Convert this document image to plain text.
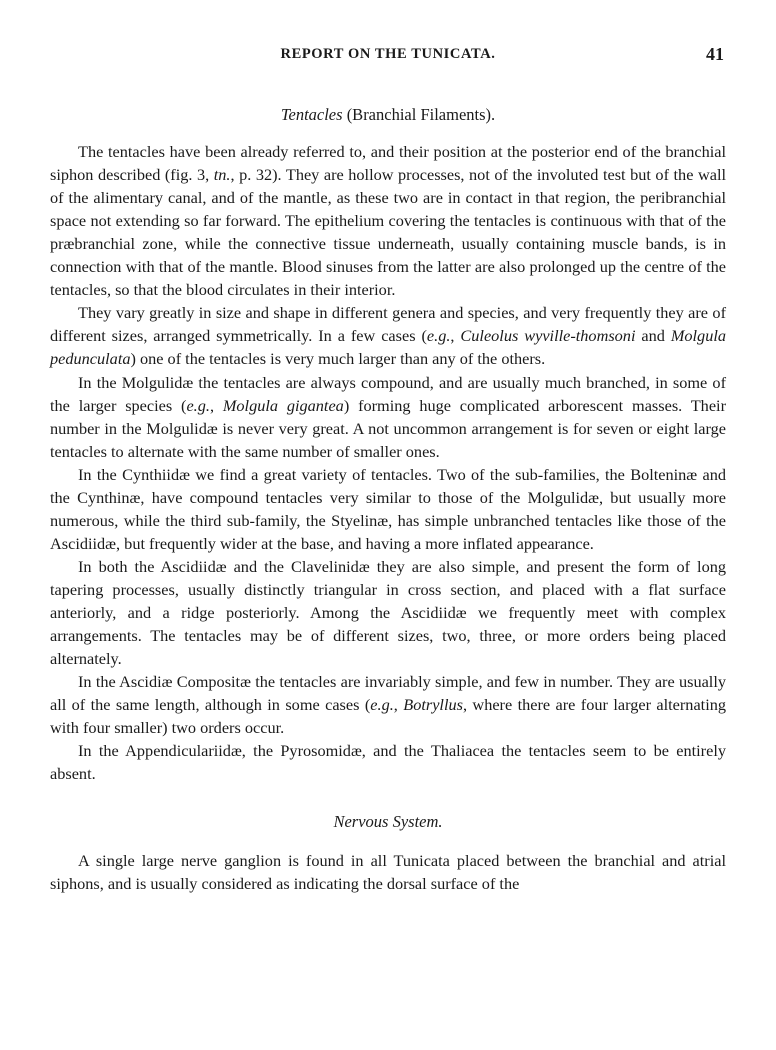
REPORT ON THE TUNICATA.	41
Tentacles (Branchial Filaments).

The tentacles have been already referred to, and their position at the posterior end of the branchial siphon described (fig. 3, tn., p. 32). They are hollow processes, not of the involuted test but of the wall of the alimentary canal, and of the mantle, as these two are in contact in that region, the peribranchial space not extending so far forward. The epithelium covering the tentacles is continuous with that of the præbranchial zone, while the connective tissue underneath, usually containing muscle bands, is in connection with that of the mantle. Blood sinuses from the latter are also prolonged up the centre of the tentacles, so that the blood circulates in their interior.

They vary greatly in size and shape in different genera and species, and very frequently they are of different sizes, arranged symmetrically. In a few cases (e.g., Culeolus wyville-thomsoni and Molgula pedunculata) one of the tentacles is very much larger than any of the others.

In the Molgulidæ the tentacles are always compound, and are usually much branched, in some of the larger species (e.g., Molgula gigantea) forming huge complicated arborescent masses. Their number in the Molgulidæ is never very great. A not uncommon arrangement is for seven or eight large tentacles to alternate with the same number of smaller ones.

In the Cynthiidæ we find a great variety of tentacles. Two of the sub-families, the Bolteninæ and the Cynthinæ, have compound tentacles very similar to those of the Molgulidæ, but usually more numerous, while the third sub-family, the Styelinæ, has simple unbranched tentacles like those of the Ascidiidæ, but frequently wider at the base, and having a more inflated appearance.

In both the Ascidiidæ and the Clavelinidæ they are also simple, and present the form of long tapering processes, usually distinctly triangular in cross section, and placed with a flat surface anteriorly, and a ridge posteriorly. Among the Ascidiidæ we frequently meet with complex arrangements. The tentacles may be of different sizes, two, three, or more orders being placed alternately.

In the Ascidiæ Compositæ the tentacles are invariably simple, and few in number. They are usually all of the same length, although in some cases (e.g., Botryllus, where there are four larger alternating with four smaller) two orders occur.

In the Appendiculariidæ, the Pyrosomidæ, and the Thaliacea the tentacles seem to be entirely absent.

Nervous System.

A single large nerve ganglion is found in all Tunicata placed between the branchial and atrial siphons, and is usually considered as indicating the dorsal surface of the
